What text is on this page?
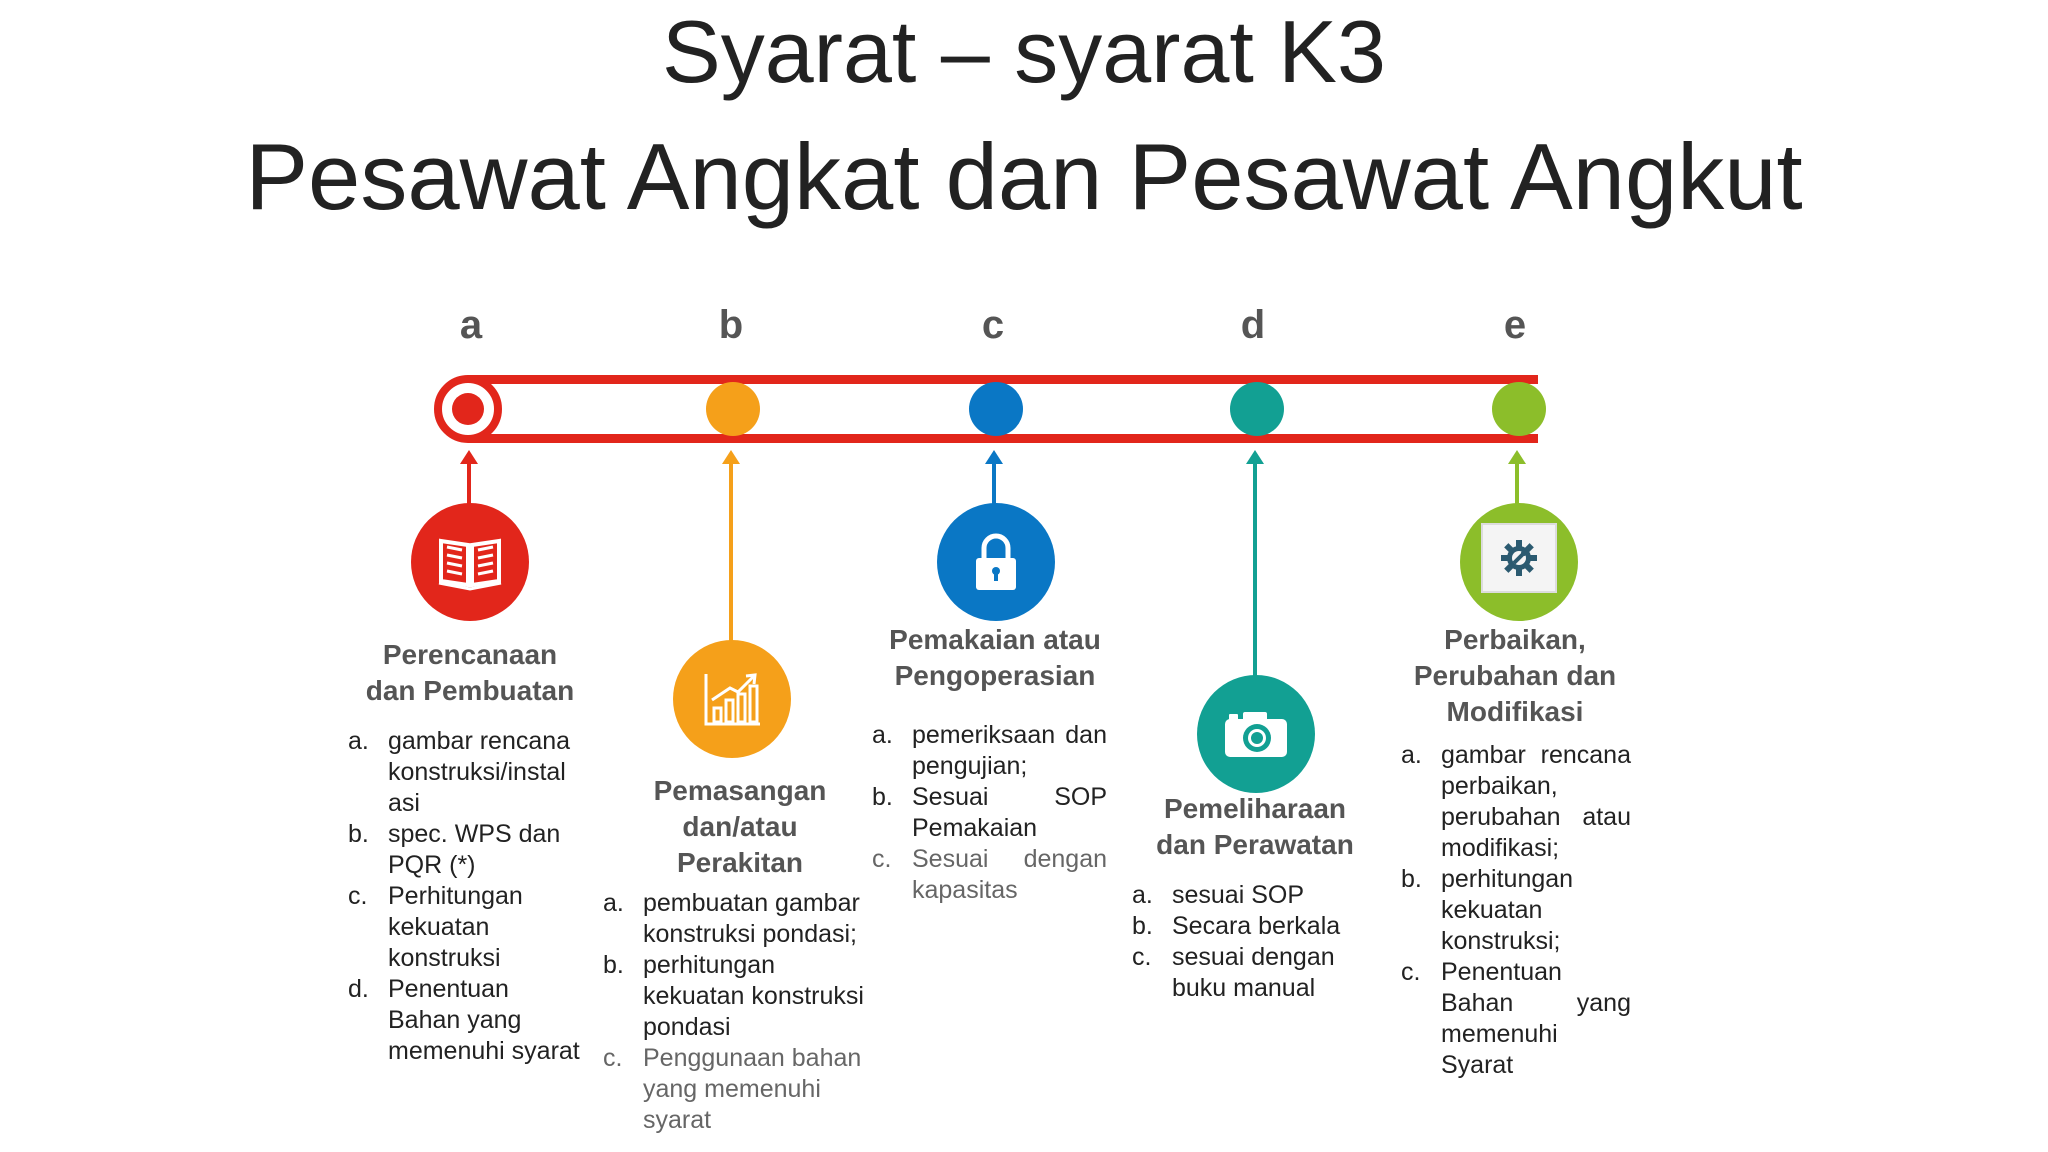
Syarat – syarat K3
Pesawat Angkat dan Pesawat Angkut
a	b	c	d	e
Perencanaan
dan Pembuatan
Pemasangan
dan/atau
Perakitan
Pemakaian atau
Pengoperasian
Pemeliharaan
dan Perawatan
Perbaikan,
Perubahan dan
Modifikasi
a. gambar rencana konstruksi/instal asi
b. spec. WPS dan PQR (*)
c. Perhitungan kekuatan konstruksi
d. Penentuan Bahan yang memenuhi syarat
a. pembuatan gambar konstruksi pondasi;
b. perhitungan kekuatan konstruksi pondasi
c. Penggunaan bahan yang memenuhi syarat
a. pemeriksaan dan pengujian;
b. Sesuai SOP Pemakaian
c. Sesuai dengan kapasitas	a. sesuai SOP
b. Secara berkala
c. sesuai dengan buku manual
a. gambar rencana perbaikan, perubahan atau modifikasi;
b. perhitungan kekuatan konstruksi;
c. Penentuan Bahan yang memenuhi Syarat
